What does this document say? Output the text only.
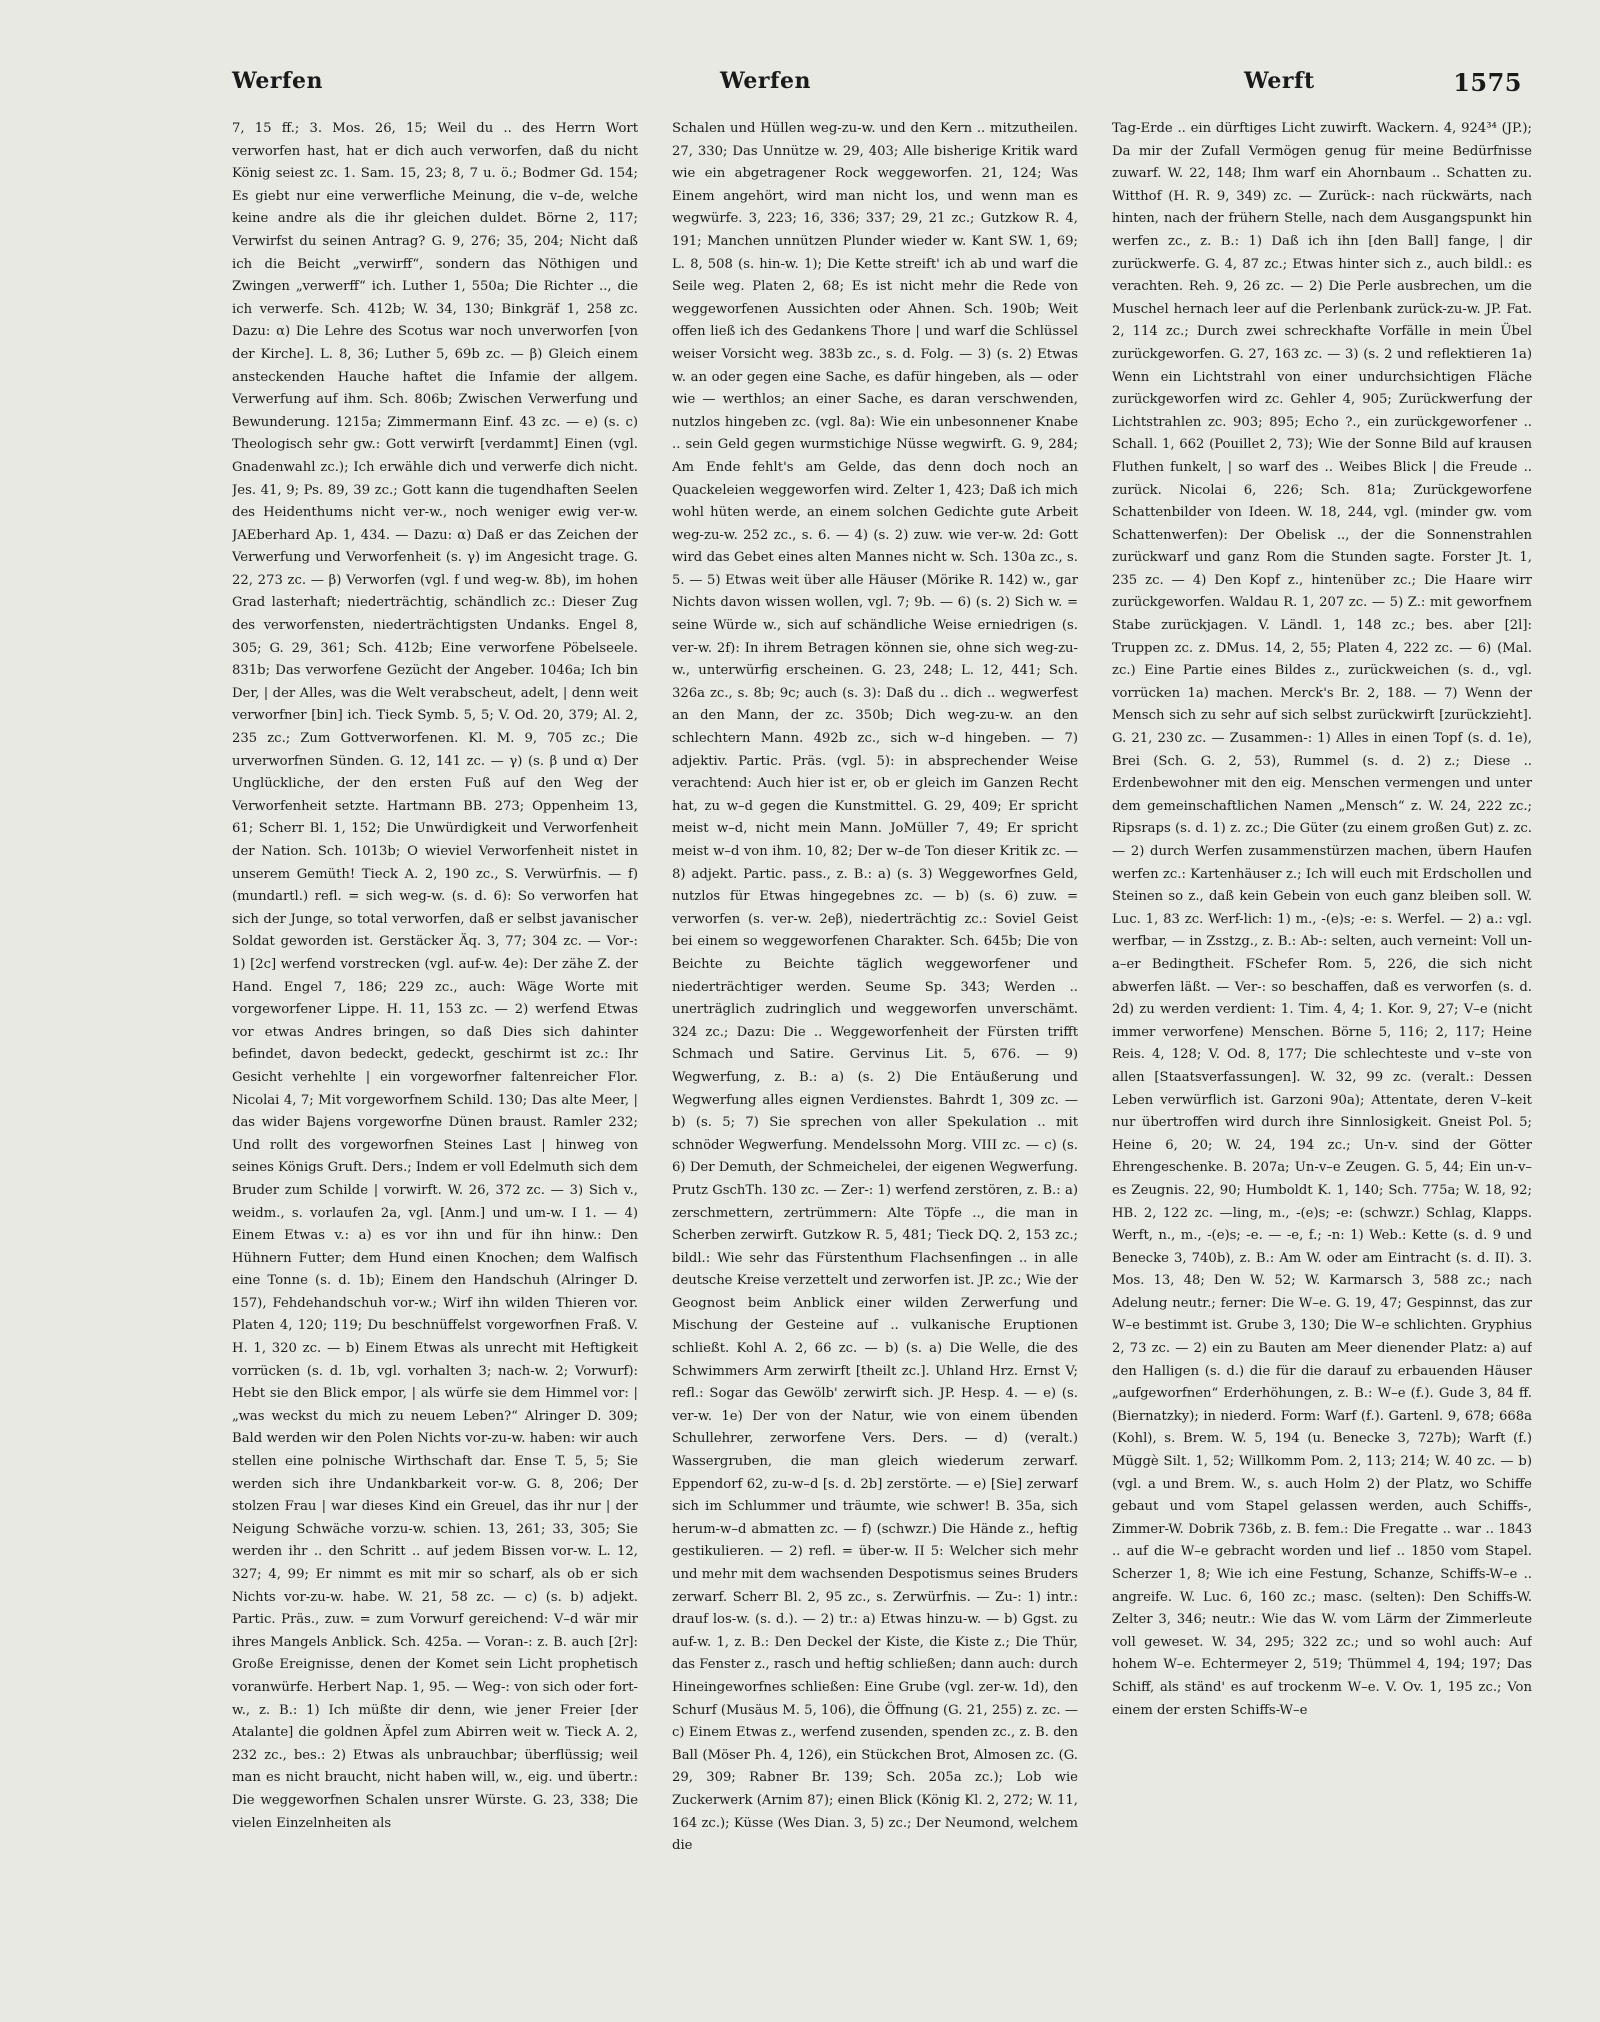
Werfen	Werfen	Werft	1575

7, 15 ff.; 3. Mos. 26, 15; Weil du .. des Herrn Wort verworfen hast, hat er dich auch verworfen, daß du nicht König seiest zc. 1. Sam. 15, 23; 8, 7 u. ö.; Bodmer Gd. 154; Es giebt nur eine verwerfliche Meinung, die v–de, welche keine andre als die ihr gleichen duldet. Börne 2, 117; Verwirfst du seinen Antrag? G. 9, 276; 35, 204; Nicht daß ich die Beicht „verwirff“, sondern das Nöthigen und Zwingen „verwerff“ ich. Luther 1, 550a; Die Richter .., die ich verwerfe. Sch. 412b; W. 34, 130; Binkgräf 1, 258 zc. Dazu: α) Die Lehre des Scotus war noch unverworfen [von der Kirche]. L. 8, 36; Luther 5, 69b zc. — β) Gleich einem ansteckenden Hauche haftet die Infamie der allgem. Verwerfung auf ihm. Sch. 806b; Zwischen Verwerfung und Bewunderung. 1215a; Zimmermann Einf. 43 zc. — e) (s. c) Theologisch sehr gw.: Gott verwirft [verdammt] Einen (vgl. Gnadenwahl zc.); Ich erwähle dich und verwerfe dich nicht. Jes. 41, 9; Ps. 89, 39 zc.; Gott kann die tugendhaften Seelen des Heidenthums nicht ver-w., noch weniger ewig ver-w. JAEberhard Ap. 1, 434. — Dazu: α) Daß er das Zeichen der Verwerfung und Verworfenheit (s. γ) im Angesicht trage. G. 22, 273 zc. — β) Verworfen (vgl. f und weg-w. 8b), im hohen Grad lasterhaft; niederträchtig, schändlich zc.: Dieser Zug des verworfensten, niederträchtigsten Undanks. Engel 8, 305; G. 29, 361; Sch. 412b; Eine verworfene Pöbelseele. 831b; Das verworfene Gezücht der Angeber. 1046a; Ich bin Der, | der Alles, was die Welt verabscheut, adelt, | denn weit verworfner [bin] ich. Tieck Symb. 5, 5; V. Od. 20, 379; Al. 2, 235 zc.; Zum Gottverworfenen. Kl. M. 9, 705 zc.; Die urverworfnen Sünden. G. 12, 141 zc. — γ) (s. β und α) Der Unglückliche, der den ersten Fuß auf den Weg der Verworfenheit setzte. Hartmann BB. 273; Oppenheim 13, 61; Scherr Bl. 1, 152; Die Unwürdigkeit und Verworfenheit der Nation. Sch. 1013b; O wieviel Verworfenheit nistet in unserem Gemüth! Tieck A. 2, 190 zc., S. Verwürfnis. — f) (mundartl.) refl. = sich weg-w. (s. d. 6): So verworfen hat sich der Junge, so total verworfen, daß er selbst javanischer Soldat geworden ist. Gerstäcker Äq. 3, 77; 304 zc. — Vor-: 1) [2c] werfend vorstrecken (vgl. auf-w. 4e): Der zähe Z. der Hand. Engel 7, 186; 229 zc., auch: Wäge Worte mit vorgeworfener Lippe. H. 11, 153 zc. — 2) werfend Etwas vor etwas Andres bringen, so daß Dies sich dahinter befindet, davon bedeckt, gedeckt, geschirmt ist zc.: Ihr Gesicht verhehlte | ein vorgeworfner faltenreicher Flor. Nicolai 4, 7; Mit vorgeworfnem Schild. 130; Das alte Meer, | das wider Bajens vorgeworfne Dünen braust. Ramler 232; Und rollt des vorgeworfnen Steines Last | hinweg von seines Königs Gruft. Ders.; Indem er voll Edelmuth sich dem Bruder zum Schilde | vorwirft. W. 26, 372 zc. — 3) Sich v., weidm., s. vorlaufen 2a, vgl. [Anm.] und um-w. I 1. — 4) Einem Etwas v.: a) es vor ihn und für ihn hinw.: Den Hühnern Futter; dem Hund einen Knochen; dem Walfisch eine Tonne (s. d. 1b); Einem den Handschuh (Alringer D. 157), Fehdehandschuh vor-w.; Wirf ihn wilden Thieren vor. Platen 4, 120; 119; Du beschnüffelst vorgeworfnen Fraß. V. H. 1, 320 zc. — b) Einem Etwas als unrecht mit Heftigkeit vorrücken (s. d. 1b, vgl. vorhalten 3; nach-w. 2; Vorwurf): Hebt sie den Blick empor, | als würfe sie dem Himmel vor: | „was weckst du mich zu neuem Leben?“ Alringer D. 309; Bald werden wir den Polen Nichts vor-zu-w. haben: wir auch stellen eine polnische Wirthschaft dar. Ense T. 5, 5; Sie werden sich ihre Undankbarkeit vor-w. G. 8, 206; Der stolzen Frau | war dieses Kind ein Greuel, das ihr nur | der Neigung Schwäche vorzu-w. schien. 13, 261; 33, 305; Sie werden ihr .. den Schritt .. auf jedem Bissen vor-w. L. 12, 327; 4, 99; Er nimmt es mit mir so scharf, als ob er sich Nichts vor-zu-w. habe. W. 21, 58 zc. — c) (s. b) adjekt. Partic. Präs., zuw. = zum Vorwurf gereichend: V–d wär mir ihres Mangels Anblick. Sch. 425a. — Voran-: z. B. auch [2r]: Große Ereignisse, denen der Komet sein Licht prophetisch voranwürfe. Herbert Nap. 1, 95. — Weg-: von sich oder fort-w., z. B.: 1) Ich müßte dir denn, wie jener Freier [der Atalante] die goldnen Äpfel zum Abirren weit w. Tieck A. 2, 232 zc., bes.: 2) Etwas als unbrauchbar; überflüssig; weil man es nicht braucht, nicht haben will, w., eig. und übertr.: Die weggeworfnen Schalen unsrer Würste. G. 23, 338; Die vielen Einzelnheiten als

Schalen und Hüllen weg-zu-w. und den Kern .. mitzutheilen. 27, 330; Das Unnütze w. 29, 403; Alle bisherige Kritik ward wie ein abgetragener Rock weggeworfen. 21, 124; Was Einem angehört, wird man nicht los, und wenn man es wegwürfe. 3, 223; 16, 336; 337; 29, 21 zc.; Gutzkow R. 4, 191; Manchen unnützen Plunder wieder w. Kant SW. 1, 69; L. 8, 508 (s. hin-w. 1); Die Kette streift' ich ab und warf die Seile weg. Platen 2, 68; Es ist nicht mehr die Rede von weggeworfenen Aussichten oder Ahnen. Sch. 190b; Weit offen ließ ich des Gedankens Thore | und warf die Schlüssel weiser Vorsicht weg. 383b zc., s. d. Folg. — 3) (s. 2) Etwas w. an oder gegen eine Sache, es dafür hingeben, als — oder wie — werthlos; an einer Sache, es daran verschwenden, nutzlos hingeben zc. (vgl. 8a): Wie ein unbesonnener Knabe .. sein Geld gegen wurmstichige Nüsse wegwirft. G. 9, 284; Am Ende fehlt's am Gelde, das denn doch noch an Quackeleien weggeworfen wird. Zelter 1, 423; Daß ich mich wohl hüten werde, an einem solchen Gedichte gute Arbeit weg-zu-w. 252 zc., s. 6. — 4) (s. 2) zuw. wie ver-w. 2d: Gott wird das Gebet eines alten Mannes nicht w. Sch. 130a zc., s. 5. — 5) Etwas weit über alle Häuser (Mörike R. 142) w., gar Nichts davon wissen wollen, vgl. 7; 9b. — 6) (s. 2) Sich w. = seine Würde w., sich auf schändliche Weise erniedrigen (s. ver-w. 2f): In ihrem Betragen können sie, ohne sich weg-zu-w., unterwürfig erscheinen. G. 23, 248; L. 12, 441; Sch. 326a zc., s. 8b; 9c; auch (s. 3): Daß du .. dich .. wegwerfest an den Mann, der zc. 350b; Dich weg-zu-w. an den schlechtern Mann. 492b zc., sich w–d hingeben. — 7) adjektiv. Partic. Präs. (vgl. 5): in absprechender Weise verachtend: Auch hier ist er, ob er gleich im Ganzen Recht hat, zu w–d gegen die Kunstmittel. G. 29, 409; Er spricht meist w–d, nicht mein Mann. JoMüller 7, 49; Er spricht meist w–d von ihm. 10, 82; Der w–de Ton dieser Kritik zc. — 8) adjekt. Partic. pass., z. B.: a) (s. 3) Weggeworfnes Geld, nutzlos für Etwas hingegebnes zc. — b) (s. 6) zuw. = verworfen (s. ver-w. 2eβ), niederträchtig zc.: Soviel Geist bei einem so weggeworfenen Charakter. Sch. 645b; Die von Beichte zu Beichte täglich weggeworfener und niederträchtiger werden. Seume Sp. 343; Werden .. unerträglich zudringlich und weggeworfen unverschämt. 324 zc.; Dazu: Die .. Weggeworfenheit der Fürsten trifft Schmach und Satire. Gervinus Lit. 5, 676. — 9) Wegwerfung, z. B.: a) (s. 2) Die Entäußerung und Wegwerfung alles eignen Verdienstes. Bahrdt 1, 309 zc. — b) (s. 5; 7) Sie sprechen von aller Spekulation .. mit schnöder Wegwerfung. Mendelssohn Morg. VIII zc. — c) (s. 6) Der Demuth, der Schmeichelei, der eigenen Wegwerfung. Prutz GschTh. 130 zc. — Zer-: 1) werfend zerstören, z. B.: a) zerschmettern, zertrümmern: Alte Töpfe .., die man in Scherben zerwirft. Gutzkow R. 5, 481; Tieck DQ. 2, 153 zc.; bildl.: Wie sehr das Fürstenthum Flachsenfingen .. in alle deutsche Kreise verzettelt und zerworfen ist. JP. zc.; Wie der Geognost beim Anblick einer wilden Zerwerfung und Mischung der Gesteine auf .. vulkanische Eruptionen schließt. Kohl A. 2, 66 zc. — b) (s. a) Die Welle, die des Schwimmers Arm zerwirft [theilt zc.]. Uhland Hrz. Ernst V; refl.: Sogar das Gewölb' zerwirft sich. JP. Hesp. 4. — e) (s. ver-w. 1e) Der von der Natur, wie von einem übenden Schullehrer, zerworfene Vers. Ders. — d) (veralt.) Wassergruben, die man gleich wiederum zerwarf. Eppendorf 62, zu-w–d [s. d. 2b] zerstörte. — e) [Sie] zerwarf sich im Schlummer und träumte, wie schwer! B. 35a, sich herum-w–d abmatten zc. — f) (schwzr.) Die Hände z., heftig gestikulieren. — 2) refl. = über-w. II 5: Welcher sich mehr und mehr mit dem wachsenden Despotismus seines Bruders zerwarf. Scherr Bl. 2, 95 zc., s. Zerwürfnis. — Zu-: 1) intr.: drauf los-w. (s. d.). — 2) tr.: a) Etwas hinzu-w. — b) Ggst. zu auf-w. 1, z. B.: Den Deckel der Kiste, die Kiste z.; Die Thür, das Fenster z., rasch und heftig schließen; dann auch: durch Hineingeworfnes schließen: Eine Grube (vgl. zer-w. 1d), den Schurf (Musäus M. 5, 106), die Öffnung (G. 21, 255) z. zc. — c) Einem Etwas z., werfend zusenden, spenden zc., z. B. den Ball (Möser Ph. 4, 126), ein Stückchen Brot, Almosen zc. (G. 29, 309; Rabner Br. 139; Sch. 205a zc.); Lob wie Zuckerwerk (Arnim 87); einen Blick (König Kl. 2, 272; W. 11, 164 zc.); Küsse (Wes Dian. 3, 5) zc.; Der Neumond, welchem die

Tag-Erde .. ein dürftiges Licht zuwirft. Wackern. 4, 924³⁴ (JP.); Da mir der Zufall Vermögen genug für meine Bedürfnisse zuwarf. W. 22, 148; Ihm warf ein Ahornbaum .. Schatten zu. Witthof (H. R. 9, 349) zc. — Zurück-: nach rückwärts, nach hinten, nach der frühern Stelle, nach dem Ausgangspunkt hin werfen zc., z. B.: 1) Daß ich ihn [den Ball] fange, | dir zurückwerfe. G. 4, 87 zc.; Etwas hinter sich z., auch bildl.: es verachten. Reh. 9, 26 zc. — 2) Die Perle ausbrechen, um die Muschel hernach leer auf die Perlenbank zurück-zu-w. JP. Fat. 2, 114 zc.; Durch zwei schreckhafte Vorfälle in mein Übel zurückgeworfen. G. 27, 163 zc. — 3) (s. 2 und reflektieren 1a) Wenn ein Lichtstrahl von einer undurchsichtigen Fläche zurückgeworfen wird zc. Gehler 4, 905; Zurückwerfung der Lichtstrahlen zc. 903; 895; Echo ?., ein zurückgeworfener .. Schall. 1, 662 (Pouillet 2, 73); Wie der Sonne Bild auf krausen Fluthen funkelt, | so warf des .. Weibes Blick | die Freude .. zurück. Nicolai 6, 226; Sch. 81a; Zurückgeworfene Schattenbilder von Ideen. W. 18, 244, vgl. (minder gw. vom Schattenwerfen): Der Obelisk .., der die Sonnenstrahlen zurückwarf und ganz Rom die Stunden sagte. Forster Jt. 1, 235 zc. — 4) Den Kopf z., hintenüber zc.; Die Haare wirr zurückgeworfen. Waldau R. 1, 207 zc. — 5) Z.: mit geworfnem Stabe zurückjagen. V. Ländl. 1, 148 zc.; bes. aber [2l]: Truppen zc. z. DMus. 14, 2, 55; Platen 4, 222 zc. — 6) (Mal. zc.) Eine Partie eines Bildes z., zurückweichen (s. d., vgl. vorrücken 1a) machen. Merck's Br. 2, 188. — 7) Wenn der Mensch sich zu sehr auf sich selbst zurückwirft [zurückzieht]. G. 21, 230 zc. — Zusammen-: 1) Alles in einen Topf (s. d. 1e), Brei (Sch. G. 2, 53), Rummel (s. d. 2) z.; Diese .. Erdenbewohner mit den eig. Menschen vermengen und unter dem gemeinschaftlichen Namen „Mensch“ z. W. 24, 222 zc.; Ripsraps (s. d. 1) z. zc.; Die Güter (zu einem großen Gut) z. zc. — 2) durch Werfen zusammenstürzen machen, übern Haufen werfen zc.: Kartenhäuser z.; Ich will euch mit Erdschollen und Steinen so z., daß kein Gebein von euch ganz bleiben soll. W. Luc. 1, 83 zc. Werf-lich: 1) m., -(e)s; -e: s. Werfel. — 2) a.: vgl. werfbar, — in Zsstzg., z. B.: Ab-: selten, auch verneint: Voll un-a–er Bedingtheit. FSchefer Rom. 5, 226, die sich nicht abwerfen läßt. — Ver-: so beschaffen, daß es verworfen (s. d. 2d) zu werden verdient: 1. Tim. 4, 4; 1. Kor. 9, 27; V–e (nicht immer verworfene) Menschen. Börne 5, 116; 2, 117; Heine Reis. 4, 128; V. Od. 8, 177; Die schlechteste und v–ste von allen [Staatsverfassungen]. W. 32, 99 zc. (veralt.: Dessen Leben verwürflich ist. Garzoni 90a); Attentate, deren V–keit nur übertroffen wird durch ihre Sinnlosigkeit. Gneist Pol. 5; Heine 6, 20; W. 24, 194 zc.; Un-v. sind der Götter Ehrengeschenke. B. 207a; Un-v–e Zeugen. G. 5, 44; Ein un-v–es Zeugnis. 22, 90; Humboldt K. 1, 140; Sch. 775a; W. 18, 92; HB. 2, 122 zc. —ling, m., -(e)s; -e: (schwzr.) Schlag, Klapps. Werft, n., m., -(e)s; -e. — -e, f.; -n: 1) Web.: Kette (s. d. 9 und Benecke 3, 740b), z. B.: Am W. oder am Eintracht (s. d. II). 3. Mos. 13, 48; Den W. 52; W. Karmarsch 3, 588 zc.; nach Adelung neutr.; ferner: Die W–e. G. 19, 47; Gespinnst, das zur W–e bestimmt ist. Grube 3, 130; Die W–e schlichten. Gryphius 2, 73 zc. — 2) ein zu Bauten am Meer dienender Platz: a) auf den Halligen (s. d.) die für die darauf zu erbauenden Häuser „aufgeworfnen“ Erderhöhungen, z. B.: W–e (f.). Gude 3, 84 ff. (Biernatzky); in niederd. Form: Warf (f.). Gartenl. 9, 678; 668a (Kohl), s. Brem. W. 5, 194 (u. Benecke 3, 727b); Warft (f.) Müggè Silt. 1, 52; Willkomm Pom. 2, 113; 214; W. 40 zc. — b) (vgl. a und Brem. W., s. auch Holm 2) der Platz, wo Schiffe gebaut und vom Stapel gelassen werden, auch Schiffs-, Zimmer-W. Dobrik 736b, z. B. fem.: Die Fregatte .. war .. 1843 .. auf die W–e gebracht worden und lief .. 1850 vom Stapel. Scherzer 1, 8; Wie ich eine Festung, Schanze, Schiffs-W–e .. angreife. W. Luc. 6, 160 zc.; masc. (selten): Den Schiffs-W. Zelter 3, 346; neutr.: Wie das W. vom Lärm der Zimmerleute voll geweset. W. 34, 295; 322 zc.; und so wohl auch: Auf hohem W–e. Echtermeyer 2, 519; Thümmel 4, 194; 197; Das Schiff, als ständ' es auf trockenm W–e. V. Ov. 1, 195 zc.; Von einem der ersten Schiffs-W–e
